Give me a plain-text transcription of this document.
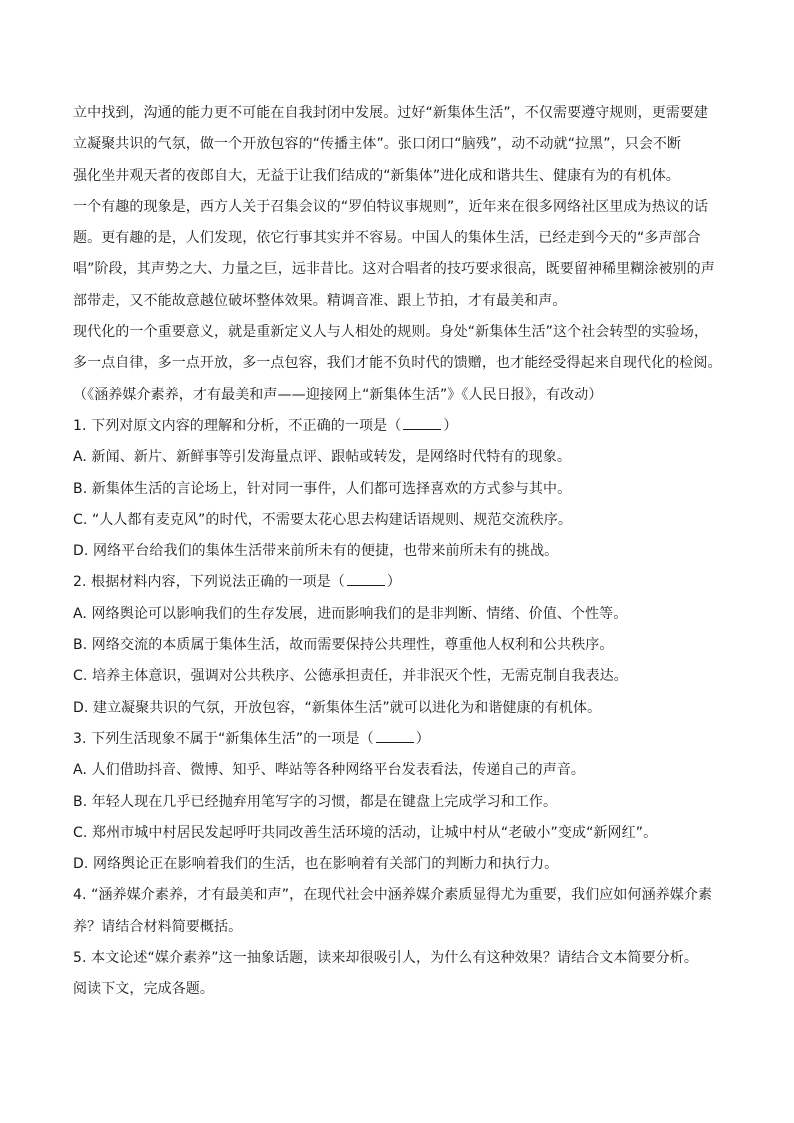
立中找到，沟通的能力更不可能在自我封闭中发展。过好“新集体生活”，不仅需要遵守规则，更需要建
立凝聚共识的气氛，做一个开放包容的“传播主体”。张口闭口“脑残”，动不动就“拉黑”，只会不断
强化坐井观天者的夜郎自大，无益于让我们结成的“新集体”进化成和谐共生、健康有为的有机体。
一个有趣的现象是，西方人关于召集会议的“罗伯特议事规则”，近年来在很多网络社区里成为热议的话
题。更有趣的是，人们发现，依它行事其实并不容易。中国人的集体生活，已经走到今天的“多声部合
唱”阶段，其声势之大、力量之巨，远非昔比。这对合唱者的技巧要求很高，既要留神稀里糊涂被别的声
部带走，又不能故意越位破坏整体效果。精调音准、跟上节拍，才有最美和声。
现代化的一个重要意义，就是重新定义人与人相处的规则。身处“新集体生活”这个社会转型的实验场，
多一点自律，多一点开放，多一点包容，我们才能不负时代的馈赠，也才能经受得起来自现代化的检阅。
（《涵养媒介素养，才有最美和声——迎接网上“新集体生活”》《人民日报》，有改动）
1. 下列对原文内容的理解和分析，不正确的一项是（	）
A. 新闻、新片、新鲜事等引发海量点评、跟帖或转发，是网络时代特有的现象。
B. 新集体生活的言论场上，针对同一事件，人们都可选择喜欢的方式参与其中。
C. “人人都有麦克风”的时代，不需要太花心思去构建话语规则、规范交流秩序。
D. 网络平台给我们的集体生活带来前所未有的便捷，也带来前所未有的挑战。
2. 根据材料内容，下列说法正确的一项是（	）
A. 网络舆论可以影响我们的生存发展，进而影响我们的是非判断、情绪、价值、个性等。
B. 网络交流的本质属于集体生活，故而需要保持公共理性，尊重他人权利和公共秩序。
C. 培养主体意识，强调对公共秩序、公德承担责任，并非泯灭个性，无需克制自我表达。
D. 建立凝聚共识的气氛，开放包容，“新集体生活”就可以进化为和谐健康的有机体。
3. 下列生活现象不属于“新集体生活”的一项是（	）
A. 人们借助抖音、微博、知乎、哔站等各种网络平台发表看法，传递自己的声音。
B. 年轻人现在几乎已经抛弃用笔写字的习惯，都是在键盘上完成学习和工作。
C. 郑州市城中村居民发起呼吁共同改善生活环境的活动，让城中村从“老破小”变成“新网红”。
D. 网络舆论正在影响着我们的生活，也在影响着有关部门的判断力和执行力。
4. “涵养媒介素养，才有最美和声”，在现代社会中涵养媒介素质显得尤为重要，我们应如何涵养媒介素
养？请结合材料简要概括。
5. 本文论述“媒介素养”这一抽象话题，读来却很吸引人，为什么有这种效果？请结合文本简要分析。
阅读下文，完成各题。
